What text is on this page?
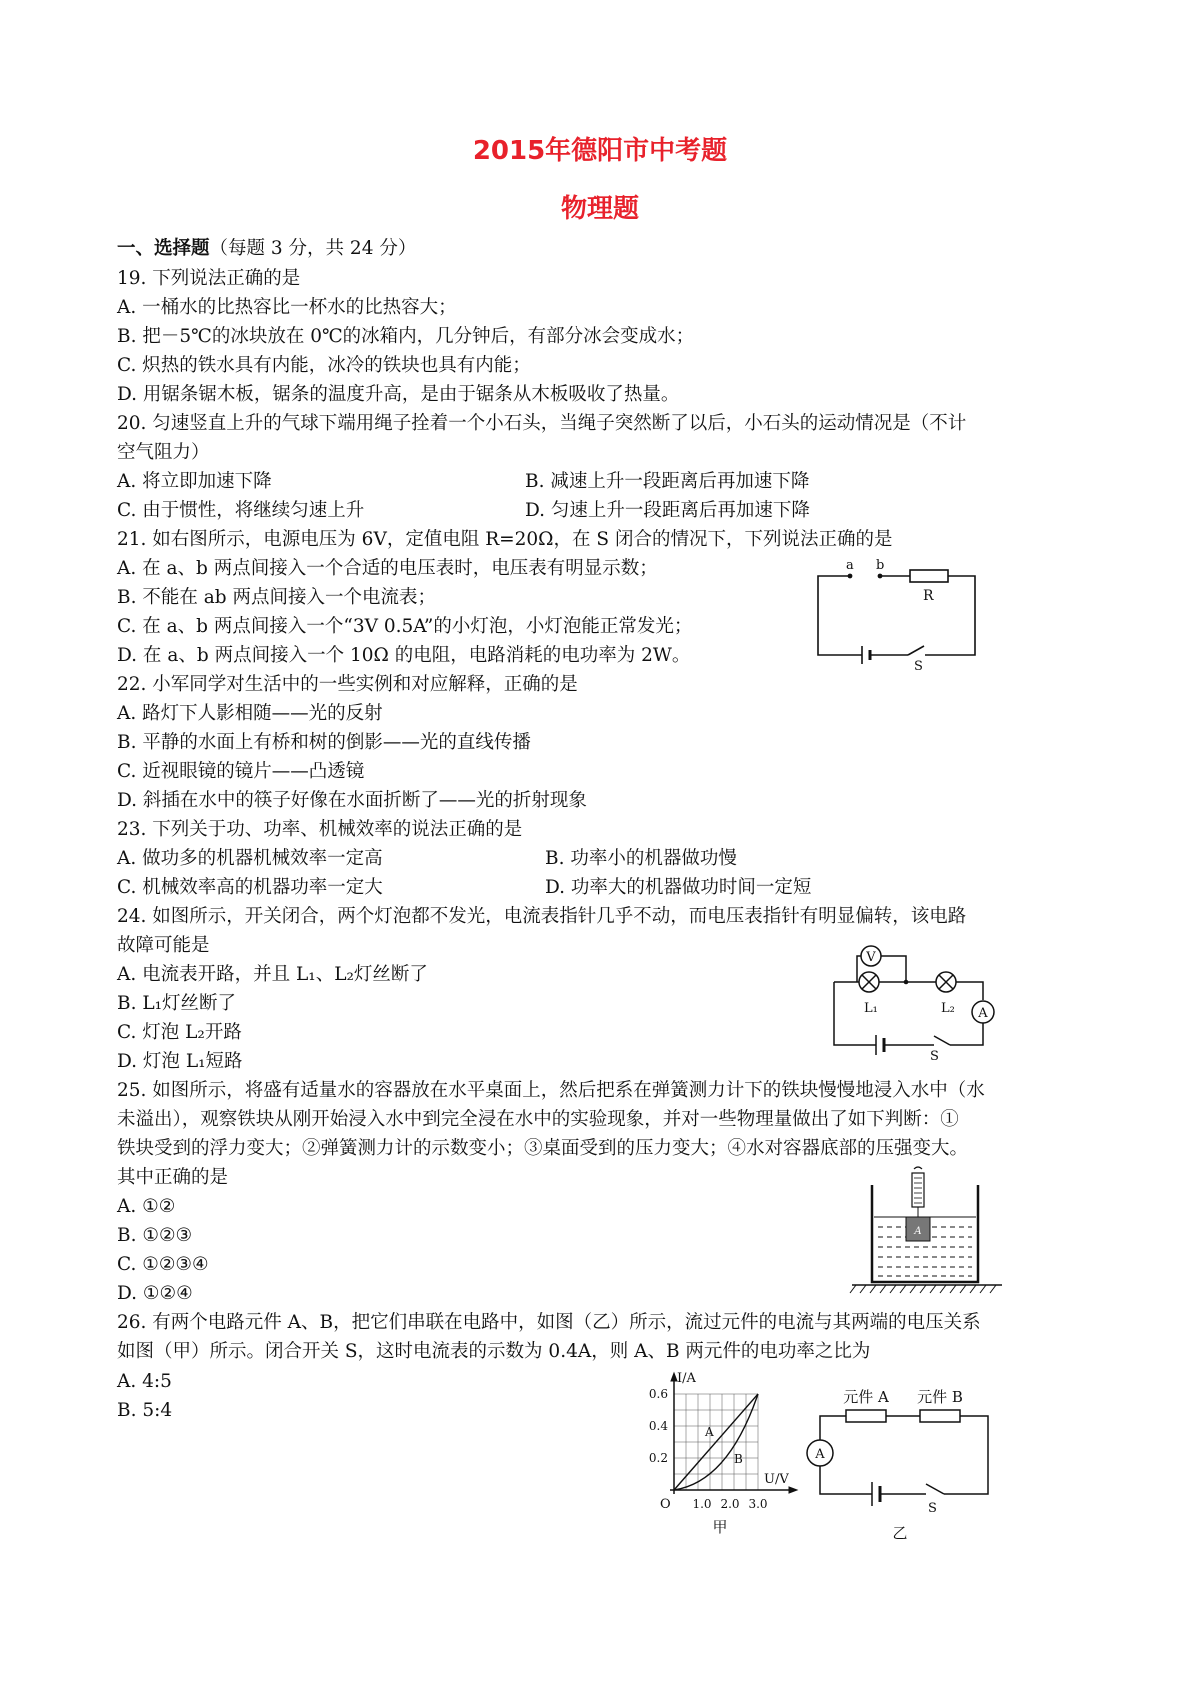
2015年德阳市中考题
物理题
一、选择题（每题 3 分，共 24 分）
19. 下列说法正确的是
A. 一桶水的比热容比一杯水的比热容大；
B. 把－5℃的冰块放在 0℃的冰箱内，几分钟后，有部分冰会变成水；
C. 炽热的铁水具有内能，冰冷的铁块也具有内能；
D. 用锯条锯木板，锯条的温度升高，是由于锯条从木板吸收了热量。
20. 匀速竖直上升的气球下端用绳子拴着一个小石头，当绳子突然断了以后，小石头的运动情况是（不计
空气阻力）
A. 将立即加速下降	B. 减速上升一段距离后再加速下降
C. 由于惯性，将继续匀速上升	D. 匀速上升一段距离后再加速下降
21. 如右图所示，电源电压为 6V，定值电阻 R=20Ω，在 S 闭合的情况下，下列说法正确的是
A. 在 a、b 两点间接入一个合适的电压表时，电压表有明显示数；
B. 不能在 ab 两点间接入一个电流表；
C. 在 a、b 两点间接入一个“3V 0.5A”的小灯泡，小灯泡能正常发光；
D. 在 a、b 两点间接入一个 10Ω 的电阻，电路消耗的电功率为 2W。
a b
R
S
22. 小军同学对生活中的一些实例和对应解释，正确的是
A. 路灯下人影相随——光的反射
B. 平静的水面上有桥和树的倒影——光的直线传播
C. 近视眼镜的镜片——凸透镜
D. 斜插在水中的筷子好像在水面折断了——光的折射现象
23. 下列关于功、功率、机械效率的说法正确的是
A. 做功多的机器机械效率一定高	B. 功率小的机器做功慢
C. 机械效率高的机器功率一定大	D. 功率大的机器做功时间一定短
24. 如图所示，开关闭合，两个灯泡都不发光，电流表指针几乎不动，而电压表指针有明显偏转，该电路
故障可能是
A. 电流表开路，并且 L₁、L₂灯丝断了
B. L₁灯丝断了
C. 灯泡 L₂开路
D. 灯泡 L₁短路
V
A
L₁	L₂
S
25. 如图所示，将盛有适量水的容器放在水平桌面上，然后把系在弹簧测力计下的铁块慢慢地浸入水中（水
未溢出），观察铁块从刚开始浸入水中到完全浸在水中的实验现象，并对一些物理量做出了如下判断：①
铁块受到的浮力变大；②弹簧测力计的示数变小；③桌面受到的压力变大；④水对容器底部的压强变大。
其中正确的是
A. ①②
B. ①②③
C. ①②③④
D. ①②④
A
26. 有两个电路元件 A、B，把它们串联在电路中，如图（乙）所示，流过元件的电流与其两端的电压关系
如图（甲）所示。闭合开关 S，这时电流表的示数为 0.4A，则 A、B 两元件的电功率之比为
A. 4:5
B. 5:4
I/A
U/V
O
0.6
0.4
0.2
1.0 2.0 3.0
A
B
甲
元件 A 元件 B
A
S
乙
